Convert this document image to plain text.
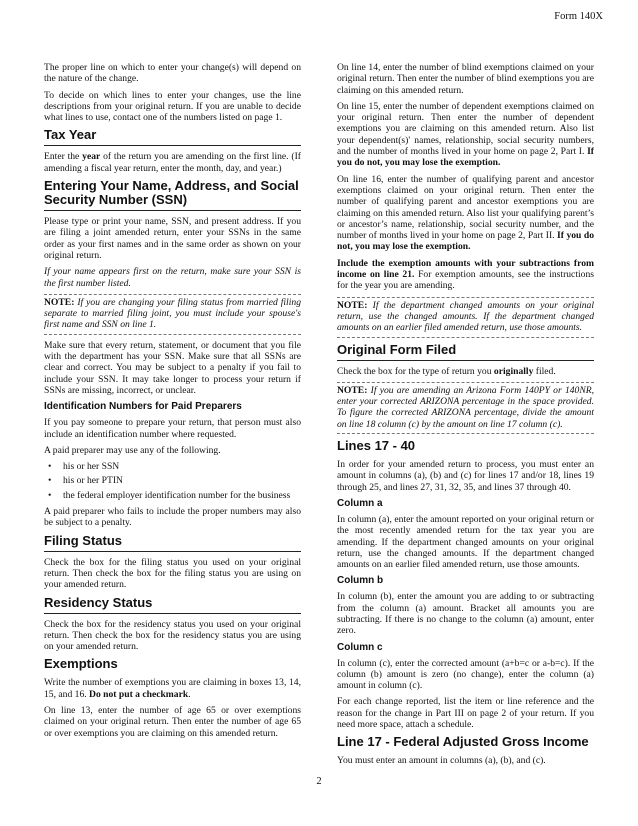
Form 140X

The proper line on which to enter your change(s) will depend on the nature of the change.

To decide on which lines to enter your changes, use the line descriptions from your original return. If you are unable to decide what lines to use, contact one of the numbers listed on page 1.

Tax Year

Enter the year of the return you are amending on the first line. (If amending a fiscal year return, enter the month, day, and year.)

Entering Your Name, Address, and Social Security Number (SSN)

Please type or print your name, SSN, and present address. If you are filing a joint amended return, enter your SSNs in the same order as your first names and in the same order as shown on your original return.

If your name appears first on the return, make sure your SSN is the first number listed.

NOTE: If you are changing your filing status from married filing separate to married filing joint, you must include your spouse's first name and SSN on line 1.

Make sure that every return, statement, or document that you file with the department has your SSN. Make sure that all SSNs are clear and correct. You may be subject to a penalty if you fail to include your SSN. It may take longer to process your return if SSNs are missing, incorrect, or unclear.

Identification Numbers for Paid Preparers

If you pay someone to prepare your return, that person must also include an identification number where requested.

A paid preparer may use any of the following.

• his or her SSN
• his or her PTIN
• the federal employer identification number for the business

A paid preparer who fails to include the proper numbers may also be subject to a penalty.

Filing Status

Check the box for the filing status you used on your original return. Then check the box for the filing status you are using on your amended return.

Residency Status

Check the box for the residency status you used on your original return. Then check the box for the residency status you are using on your amended return.

Exemptions

Write the number of exemptions you are claiming in boxes 13, 14, 15, and 16. Do not put a checkmark.

On line 13, enter the number of age 65 or over exemptions claimed on your original return. Then enter the number of age 65 or over exemptions you are claiming on this amended return.

On line 14, enter the number of blind exemptions claimed on your original return. Then enter the number of blind exemptions you are claiming on this amended return.

On line 15, enter the number of dependent exemptions claimed on your original return. Then enter the number of dependent exemptions you are claiming on this amended return. Also list your dependent(s)' names, relationship, social security numbers, and the number of months lived in your home on page 2, Part I. If you do not, you may lose the exemption.

On line 16, enter the number of qualifying parent and ancestor exemptions claimed on your original return. Then enter the number of qualifying parent and ancestor exemptions you are claiming on this amended return. Also list your qualifying parent’s or ancestor’s name, relationship, social security number, and the number of months lived in your home on page 2, Part II. If you do not, you may lose the exemption.

Include the exemption amounts with your subtractions from income on line 21. For exemption amounts, see the instructions for the year you are amending.

NOTE: If the department changed amounts on your original return, use the changed amounts. If the department changed amounts on an earlier filed amended return, use those amounts.
Original Form Filed

Check the box for the type of return you originally filed.

NOTE: If you are amending an Arizona Form 140PY or 140NR, enter your corrected ARIZONA percentage in the space provided. To figure the corrected ARIZONA percentage, divide the amount on line 18 column (c) by the amount on line 17 column (c).
Lines 17 - 40

In order for your amended return to process, you must enter an amount in columns (a), (b) and (c) for lines 17 and/or 18, lines 19 through 25, and lines 27, 31, 32, 35, and lines 37 through 40.

Column a

In column (a), enter the amount reported on your original return or the most recently amended return for the tax year you are amending. If the department changed amounts on your original return, use the changed amounts. If the department changed amounts on an earlier filed amended return, use those amounts.

Column b

In column (b), enter the amount you are adding to or subtracting from the column (a) amount. Bracket all amounts you are subtracting. If there is no change to the column (a) amount, enter zero.

Column c

In column (c), enter the corrected amount (a+b=c or a-b=c). If the column (b) amount is zero (no change), enter the column (a) amount in column (c).

For each change reported, list the item or line reference and the reason for the change in Part III on page 2 of your return. If you need more space, attach a schedule.

Line 17 - Federal Adjusted Gross Income

You must enter an amount in columns (a), (b), and (c).

2
